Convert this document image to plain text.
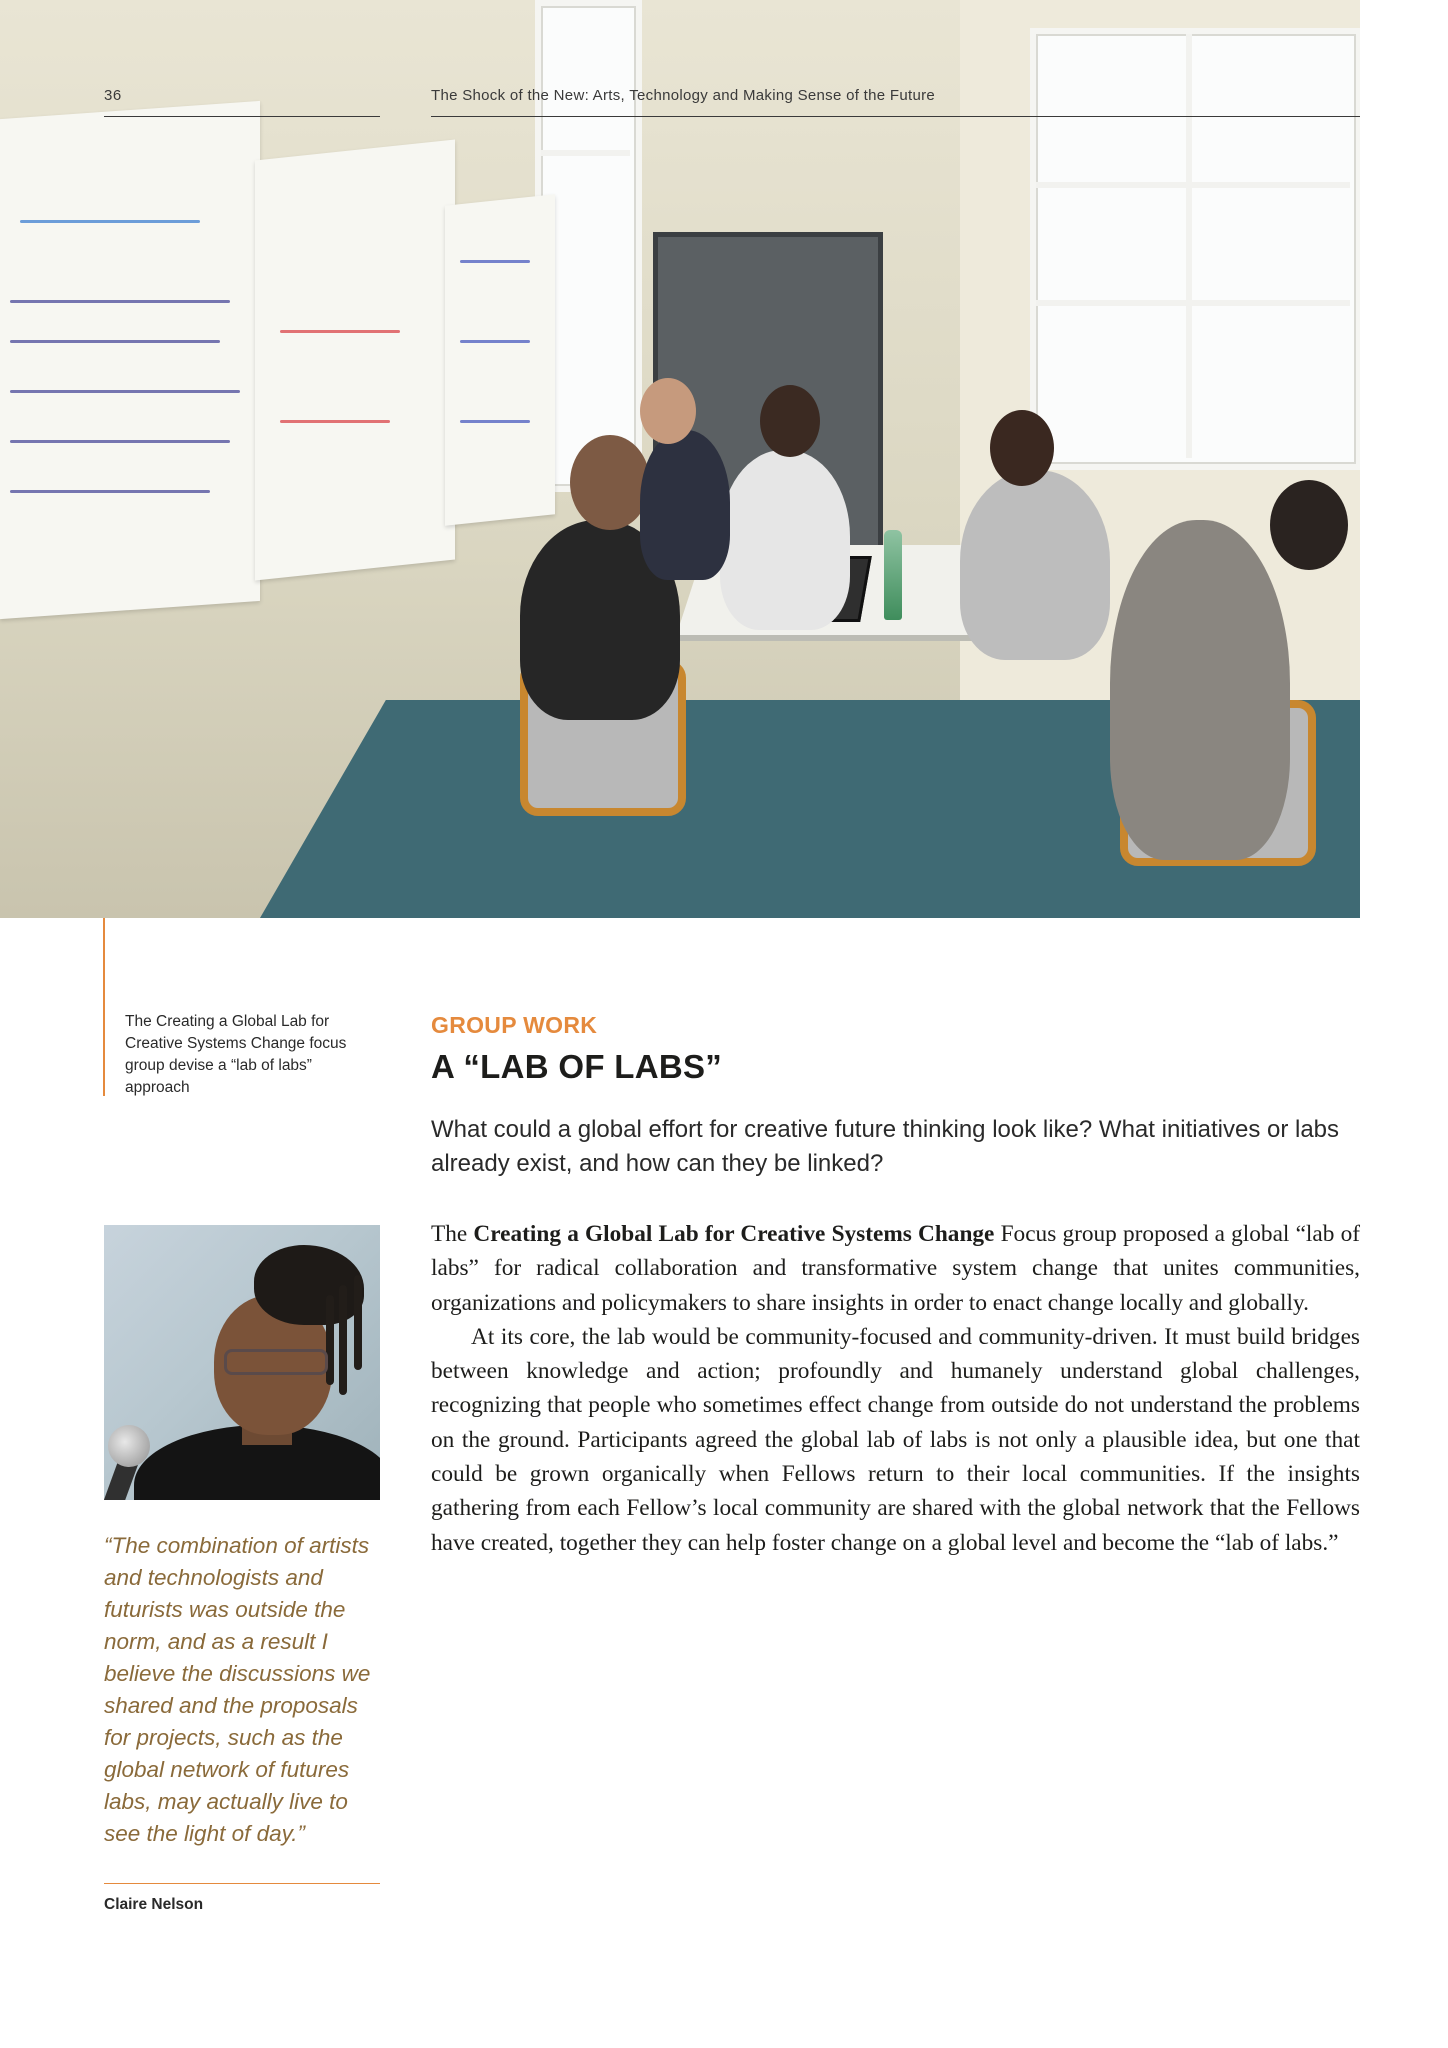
36	The Shock of the New: Arts, Technology and Making Sense of the Future
The Creating a Global Lab for Creative Systems Change focus group devise a “lab of labs” approach
“The combination of artists and technologists and futurists was outside the norm, and as a result I believe the discussions we shared and the proposals for projects, such as the global network of futures labs, may actually live to see the light of day.”
Claire Nelson
GROUP WORK
A “LAB OF LABS”
What could a global effort for creative future thinking look like? What initiatives or labs already exist, and how can they be linked?

The Creating a Global Lab for Creative Systems Change Focus group proposed a global “lab of labs” for radical collaboration and transformative system change that unites communities, organizations and policymakers to share insights in order to enact change locally and globally.

At its core, the lab would be community-focused and community-driven. It must build bridges between knowledge and action; profoundly and humanely understand global challenges, recognizing that people who sometimes effect change from outside do not understand the problems on the ground. Participants agreed the global lab of labs is not only a plausible idea, but one that could be grown organically when Fellows return to their local communities. If the insights gathering from each Fellow’s local community are shared with the global network that the Fellows have created, together they can help foster change on a global level and become the “lab of labs.”
